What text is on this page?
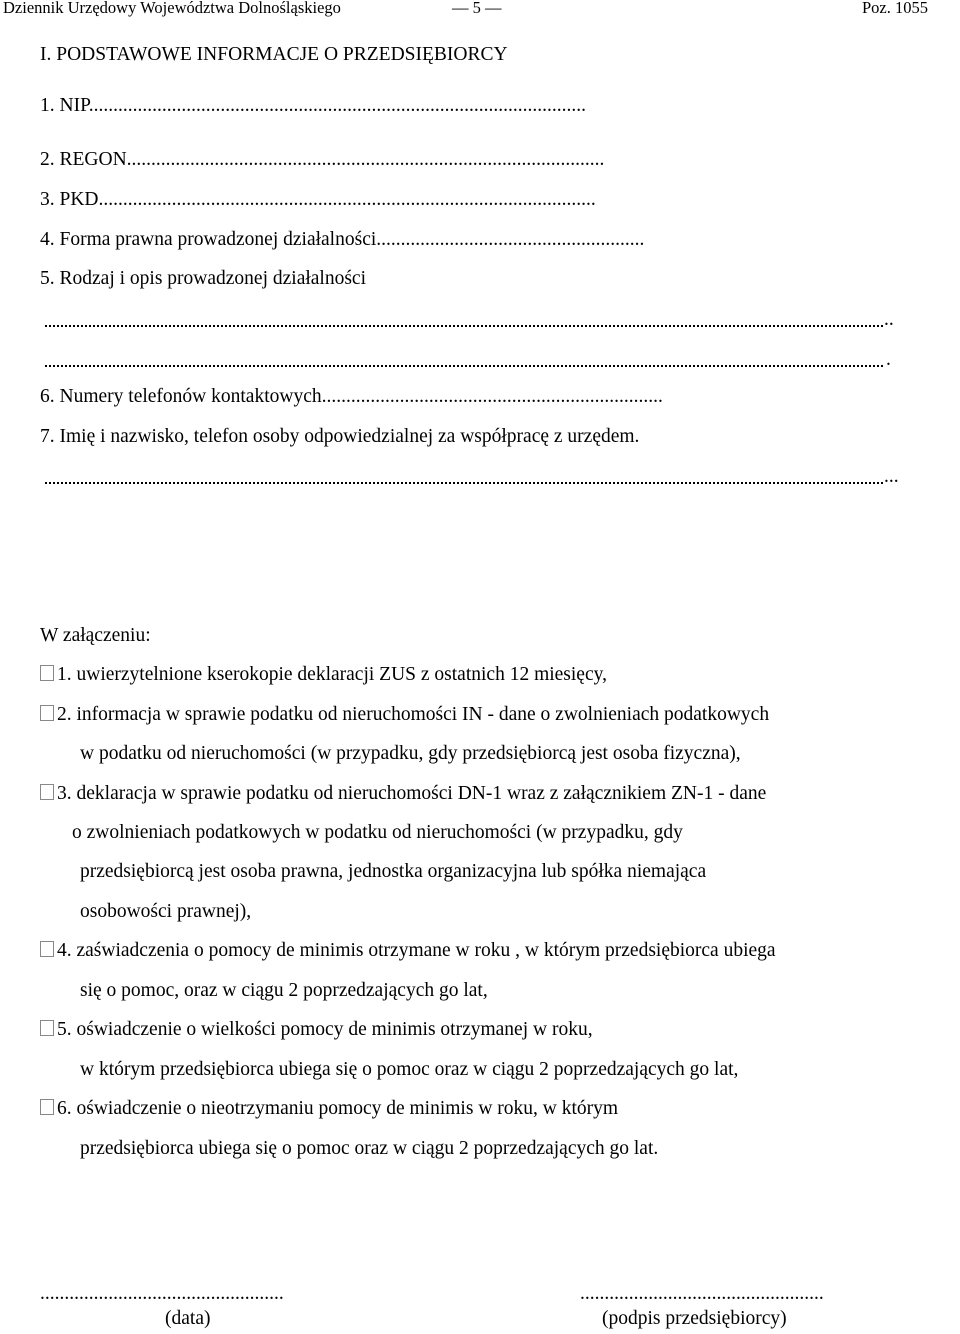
Dziennik Urzędowy Województwa Dolnośląskiego	— 5 —	Poz. 1055
I. PODSTAWOWE INFORMACJE O PRZEDSIĘBIORCY
1. NIP......................................................................................................
2. REGON..................................................................................................
3. PKD......................................................................................................
4. Forma prawna prowadzonej działalności.......................................................
5. Rodzaj i opis prowadzonej działalności
..
.
6. Numery telefonów kontaktowych......................................................................
7. Imię i nazwisko, telefon osoby odpowiedzialnej za współpracę z urzędem.
...
W załączeniu:
1. uwierzytelnione kserokopie deklaracji ZUS z ostatnich 12 miesięcy,
2. informacja w sprawie podatku od nieruchomości IN - dane o zwolnieniach podatkowych
w podatku od nieruchomości (w przypadku, gdy przedsiębiorcą jest osoba fizyczna),
3. deklaracja w sprawie podatku od nieruchomości DN-1 wraz z załącznikiem ZN-1 - dane
o zwolnieniach podatkowych w podatku od nieruchomości (w przypadku, gdy
przedsiębiorcą jest osoba prawna, jednostka organizacyjna lub spółka niemająca
osobowości prawnej),
4. zaświadczenia o pomocy de minimis otrzymane w roku , w którym przedsiębiorca ubiega
się o pomoc, oraz w ciągu 2 poprzedzających go lat,
5. oświadczenie o wielkości pomocy de minimis otrzymanej w roku,
w którym przedsiębiorca ubiega się o pomoc oraz w ciągu 2 poprzedzających go lat,
6. oświadczenie o nieotrzymaniu pomocy de minimis w roku, w którym
przedsiębiorca ubiega się o pomoc oraz w ciągu 2 poprzedzających go lat.
..................................................
(data)
..................................................
(podpis przedsiębiorcy)
